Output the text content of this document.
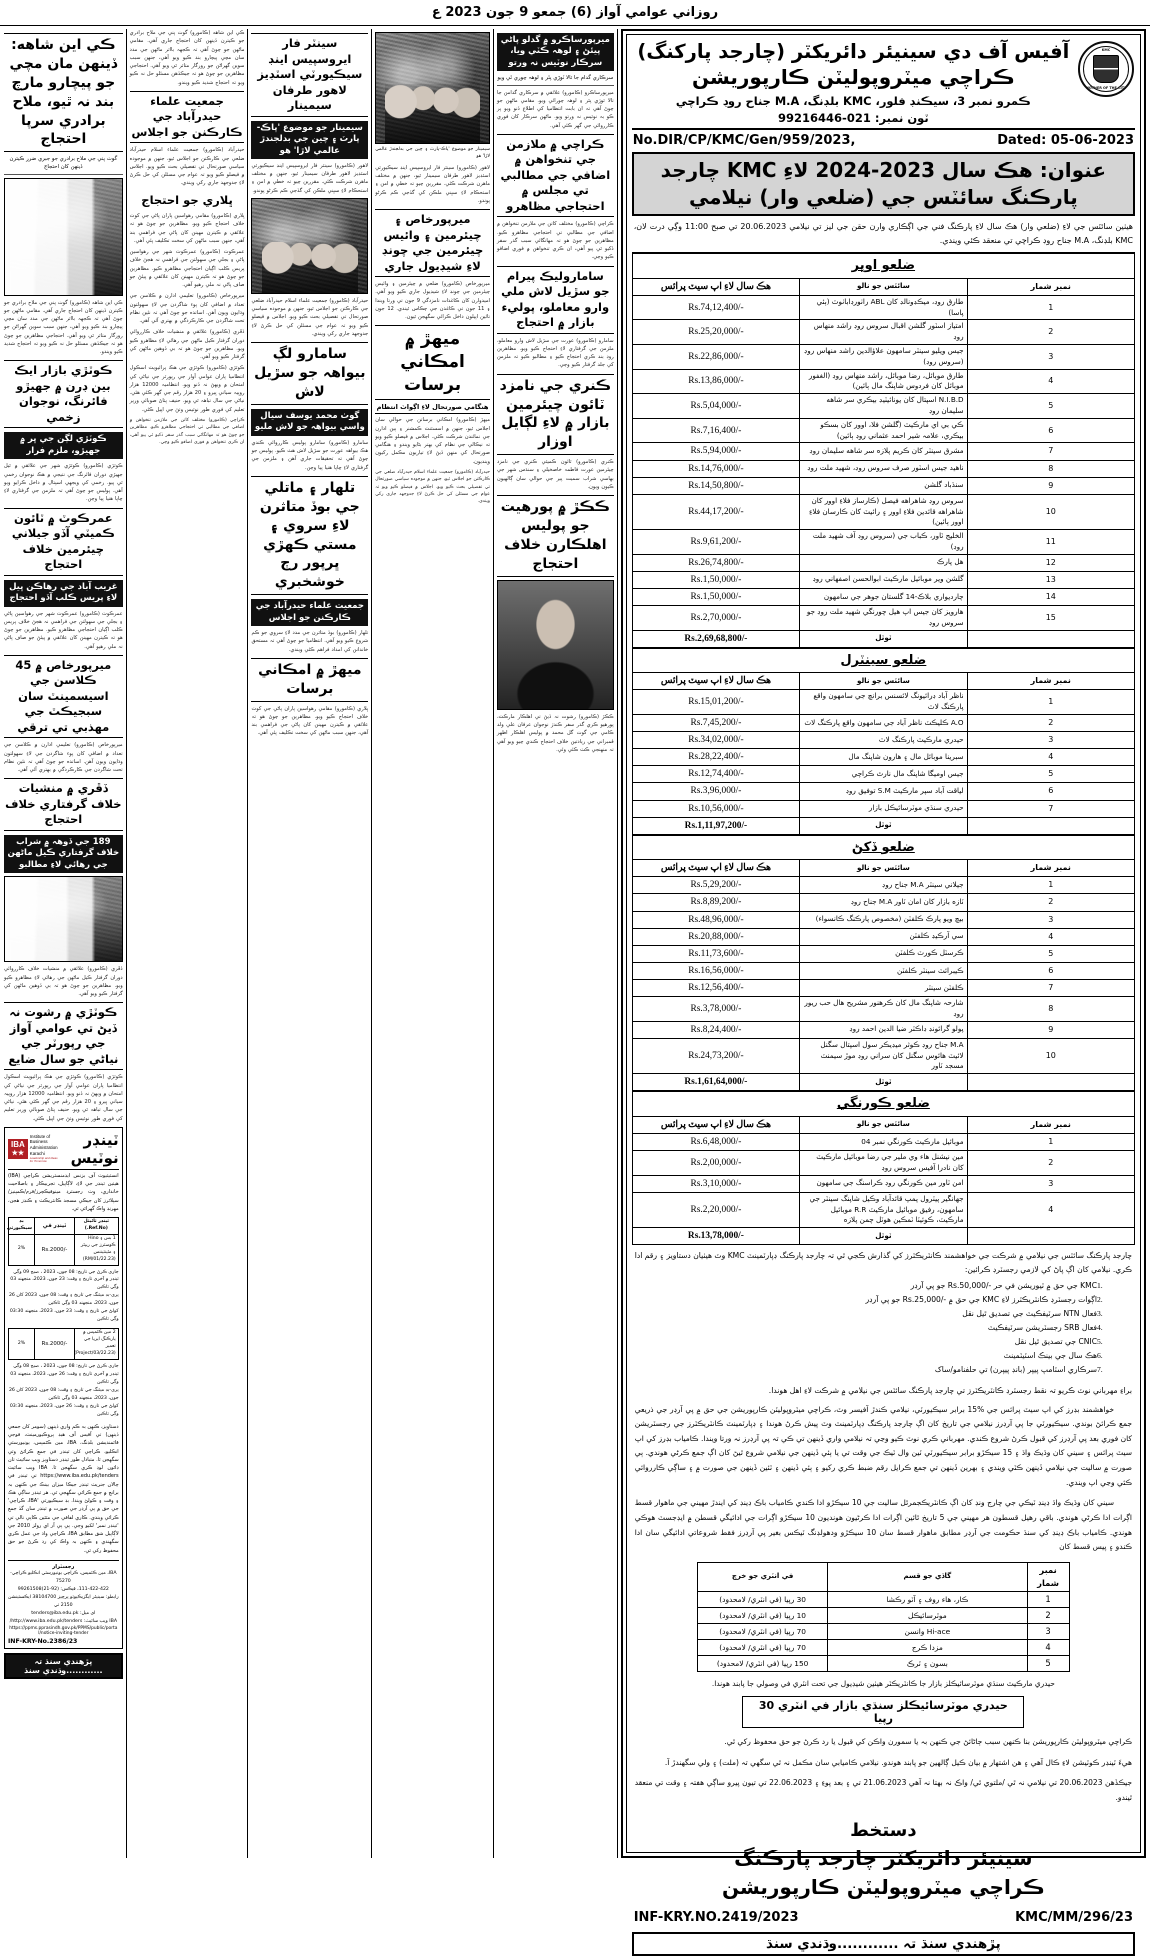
روزاني عوامي آواز (6) جمعو 9 جون 2023 ع
KMC
MOTHER OF THE CITY
آفيس آف دي سينيئر دائريکٽر (چارجد پارکنگ)
ڪراچي ميٽروپوليٽن ڪارپوريشن
ڪمرو نمبر 3، سيڪنڊ فلور، KMC بلڊنگ، M.A جناح روڊ ڪراچي
ٽون نمبر: 021-99216446
No.DIR/CP/KMC/Gen/959/2023,	Dated: 05-06-2023
عنوان: هڪ سال 2023-2024 لاءِ KMC چارجد
پارڪنگ سائٽس جي (ضلعي وار) نيلامي
هيٺين سائٽس جي لاءِ (ضلعي وار) هڪ سال لاءِ پارڪنگ فني جي اڳڪاري وارن حقن جي ليز تي نيلامي 20.06.2023 تي صبح 11:00 وڳي درت لان، KMC بلڊنگ، M.A جناح روڊ ڪراچي تي منعقد ڪئي ويندي.
ضلعو اوڀر		
نمبر شمار	سائٽس جو نالو	هڪ سال لاءِ اپ سيٽ پرائس
1	طارق روڊ، ميڪڊونالڊ کان ABL راٺورڊاباٺوٽ (ٻئي پاسا)	Rs.74,12,400/-
2	امتياز اسٽور گلشن اقبال سروس روڊ راشد منهاس روڊ	Rs.25,20,000/-
3	جيس ويليو سينٽر سامهون علاؤالدين راشد منهاس روڊ (سروس روڊ)	Rs.22,86,000/-
4	طارق موبائل، رضا موبائل، راشد منهاس روڊ (الغفور موبائل کان فردوس شاپنگ مال ٻائين)	Rs.13,86,000/-
5	N.I.B.D اسپتال کان يونائيٽيڊ بيڪري سر شاهه سليمان روڊ	Rs.5,04,000/-
6	ڪي بي اي مارڪيٽ (گلشن فلا، اوور کان بسڪو بيڪري، علامہ شير احمد عثماني روڊ ٻائين)	Rs.7,16,400/-
7	مشرق سينٽر کان ڪريم پلازه سر شاهه سليمان روڊ	Rs.5,94,000/-
8	ناهيد جيس اسٽور صرف سروس روڊ، شهيد ملت روڊ	Rs.14,76,000/-
9	سنڌباد گلشن	Rs.14,50,800/-
10	سروس روڊ شاهراهه فيصل (ڪارساز فلاءِ اوور کان شاهراهه قائدين فلاءِ اوور ۽ رائيٽ کان ڪارسان فلاءِ اوور ٻائين)	Rs.44,17,200/-
11	الخليج ٽاور، ڪباب جي (سروس روڊ آف شهيد ملت روڊ)	Rs.9,61,200/-
12	هل پارڪ	Rs.26,74,800/-
13	گلشن وير موبائيل مارڪيٽ ابوالحسن اصفهاني روڊ	Rs.1,50,000/-
14	چارديواري بلاڪ-14 گلستان جوهر جي سامهون	Rs.1,50,000/-
15	هارويز کان جيس اپ هيل چورنگي شهيد ملت روڊ جو سروس روڊ	Rs.2,70,000/-
	ٽوٽل	Rs.2,69,68,800/-
ضلعو سينٽرل		
نمبر شمار	سائٽس جو نالو	هڪ سال لاءِ اپ سيٽ پرائس
1	ناظر آباد ڊرائيونگ لائسنس برانچ جي سامهون واقع پارڪنگ لاٽ	Rs.15,01,200/-
2	A.O ڪليڪٽ ناظر آباد جي سامهون واقع پارڪنگ لاٽ	Rs.7,45,200/-
3	حيدري مارڪيٽ پارڪنگ لاٽ	Rs.34,02,000/-
4	سبرينا موبائل مال ۽ هارون شاپنگ مال	Rs.28,22,400/-
5	جيس اوميگا شاپنگ مال نارٿ ڪراچي	Rs.12,74,400/-
6	لياقت آباد سپر مارڪيٽ S.M توفيق روڊ	Rs.3,96,000/-
7	حيدري سنڌي موٽرسائيڪل بازار	Rs.10,56,000/-
	ٽوٽل	Rs.1,11,97,200/-
ضلعو ڏکڻ		
نمبر شمار	سائٽس جو نالو	هڪ سال لاءِ اپ سيٽ پرائس
1	جيلاني سينٽر M.A جناح روڊ	Rs.5,29,200/-
2	ٽازه بازار کان امان ٽاور M.A جناح روڊ	Rs.8,89,200/-
3	بيچ ويو پارڪ ڪلفٽن (مخصوص پارڪنگ ڪانسواء)	Rs.48,96,000/-
4	سي آرڪيڊ ڪلفٽن	Rs.20,88,000/-
5	ڪرسٽل ڪورٽ ڪلفٽن	Rs.11,73,600/-
6	ڪيبرائٽ سينٽر ڪلفٽن	Rs.16,56,000/-
7	ڪلفٽن سينٽر	Rs.12,56,400/-
8	شارحہ شاپنگ مال کان ڪرهنور مشريح هال حب ريور روڊ	Rs.3,78,000/-
9	پولو گرائونڊ ڊاڪٽر ضيا الدين احمد روڊ	Rs.8,24,400/-
10	M.A جناح روڊ ڪوثر ميڊيڪر سول اسپتال سگنل لائيٽ هائوس سگنل کان سراني روڊ موڙ سيمنٽ مسجد ٽاور	Rs.24,73,200/-
	ٽوٽل	Rs.1,61,64,000/-
ضلعو ڪورنگي		
نمبر شمار	سائٽس جو نالو	هڪ سال لاءِ اپ سيٽ پرائس
1	موبائيل مارڪيٽ ڪورنگي نمبر 04	Rs.6,48,000/-
2	مين نيشنل هاء وي ملير جي رضا موبائيل مارڪيٽ کان نادرا آفيس سروس روڊ	Rs.2,00,000/-
3	امن ٽاور مين ڪورنگي روڊ ڪراسنگ جي سامهون	Rs.3,10,000/-
4	جهانگير پيٽرول پمپ قائدآباد وڪيل شاپنگ سينٽر جي سامهون، رفيق موبائيل مارڪيٽ R.R موبائيل مارڪيٽ، ڪوئيٽا ٽمڪين هوٽل چمن پلازه	Rs.2,20,000/-
	ٽوٽل	Rs.13,78,000/-
چارجد پارڪنگ سائٽس جي نيلامي ۾ شرڪت جي خواهشمند ڪانٽريڪٽرز کي گذارش ڪجي ٿي تہ چارجد پارڪنگ ڊپارٽمينٽ KMC وٽ هيٺيان دستاويز ۽ رقم ادا ڪري. نيلامي کان اڳ پاڻ کي لازمي رجسٽرڊ ڪرائين:
1.KMC جي حق ۾ ٽيوريشن في حر -/Rs.50,000 جو پي آرڊر
2.اڳوات رجسٽرڊ ڪانٽريڪٽرز لاءِ KMC جي حق ۾ -/Rs.25,000 جو پي آرڊر
3.فعال NTN سرٽيفڪيٽ جي تصديق ٿيل نقل
4.فعال SRB رجسٽريشن سرٽيفڪيٽ
5.CNIC جي تصديق ٿيل نقل
6.هڪ سال جي بينڪ اسٽيٽمينٽ
7.سرڪاري اسٽامپ پيپر (بانڊ پيپرن) تي حلفنامو/ساک
براءِ مهرباني نوٽ ڪريو تہ نقط رجسٽرڊ ڪانٽريڪٽرز تي چارجد پارڪنگ سائٽس جي نيلامي ۾ شرڪت لاءِ اهل هوندا.
خواهشمند بڊرز کي اپ سيٽ پرائس جي %15 برابر سيڪيورٽي، نيلامي ڪندڙ آفيسر وٽ، ڪراچي ميٽروپوليٽن ڪارپوريشن جي حق ۾ پي آرڊر جي ذريعي جمع ڪرائڻ بوندي. سيڪيورٽي جا پي آرڊرز نيلامي جي تاريخ کان اڳ چارجد پارڪنگ ڊپارٽمينٽ وٽ پيش ڪرڻ هوندا ۽ ڊپارٽمينٽ ڪانٽريڪٽرز جي رجسٽريشن کان فوري بعد پي آرڊرز کي قبول ڪرڻ شروع ڪندي. مهرباني ڪري نوٽ ڪيو وڃي تہ نيلامي واري ڏينهن تي ڪي تہ پي آرڊرز نہ ورتا ويندا. ڪامياب بڊرز کي اپ سيٽ پرائس ۽ سيني کان وڌيڪ واڌ ۽ 15 سيڪڙو برابر سيڪيورٽي ٽين وال ٽيڪ جي وقت تي يا ٻئي ڏينهن جي نيلامي شروع ٿيڻ کان اڳ جمع ڪرڻي هوندي. ٻي صورت ۾ ساليت جي نيلامي ڏينهن ڪٽي ويندي ۽ بهرين ڏينهن تي جمع ڪرايل رقم ضبط ڪري رکيو ۽ ٻئي ڏينهن ۽ ٽئين ڏينهن جي صورت ۾ ۽ ساڳي ڪارروائي ڪئي وڃي اپ ويندي.
سيني کان وڌيڪ واڌ ڊينڊ ٽيڪي جي چارج ونڊ کان اڳ ڪانٽريڪجمرٿل ساليت جي 10 سيڪڙو ادا ڪندي ڪامياب باڪ ڊينڊ کي ايندڙ مهيني جي ماهوار قسط اڳرات ادا ڪرڻي هوندي. باقي رهيل قسطون هر مهيني جي 5 تاريخ ٿائين اڳرات ادا ڪرڻيون هونديون 10 سيڪڙو اڳرات جي ادائيگي قسطن ۾ ايڊجسٽ هوڪي هوندي. ڪامياب باڪ ڊينڊ کي سنڌ حڪومت جي آرڊر مطابق ماهوار قسط سان 10 سيڪڙو ودهولڊنگ ٽيڪس بغير پي آرڊرز فقط شروعاتي ادائيگي سان ادا ڪندو ۽ پيس قسط کان
نمبر شمار	گاڏي جو قسم	في انٽري جو خرچ
1	ڪار، هاء روف ۽ آٽو رڪشا	30 رپيا (في انٽري/ لامحدود)
2	موٽرسائيڪل	10 رپيا (في انٽري/ لامحدود)
3	Hi-ace وانسن	70 رپيا (في انٽري/ لامحدود)
4	مزدا ڪرج	70 رپيا (في انٽري/ لامحدود)
5	بسون ۽ ٽرڪ	150 رپيا (في انٽري/ لامحدود)
حيدري مارڪيٽ سنڌي موٽرسائيڪلز بازار جا ڪانٽريڪٽر هيٺين شيڊيول جي تحت انٽري في وصولي جا پابند هوندا.
حيدري موٽرسائيڪلز سنڌي بازار في انٽري 30 رپيا
ڪراچي ميٽروپوليٽن ڪارپوريشن بنا ڪنهن سبب ڄاڻائڻ جي ڪنهن بہ يا سمورن واڪن کي قبول يا رد ڪرڻ جو حق محفوظ رکي ٿي.
هيءَ ٽينڊر ڪوٽيشن لاءِ ڪال آهي ۽ هن اشتهار ۾ بيان ڪيل ڳالهين جو پابند هوندو. نيلامي ڪاميابي سان مڪمل نہ ٿي سگهي تہ (ملت) ۽ ولي سگهندڙ آ.
جيڪڏهن 20.06.2023 تي نيلامي نہ ٿي /ملتوي ٿي/ واڪ نہ بهتا نہ آهي 21.06.2023 تي ۽ بعد پوءِ ۽ 22.06.2023 تي تيون پيرو ساڳي هفتہ ۽ وقت تي منعقد ٿيندو.
دستخط
سينيئر دائريکٽر چارجد پارڪنگ
ڪراچي ميٽروپوليٽن ڪارپوريشن
INF-KRY.NO.2419/2023	KMC/MM/296/23
پڙهندي سنڌ تہ ............وڌندي سنڌ
ميرپورساڪرو ۾ گدلو پاڻي پيئڻ ۽ لوهہ ڪٽي ويا، سرڪار نوٽيس نہ ورتو
سرڪاري گدام جا تالا ٽوڙي پٿر ۽ لوهہ چوري ٿي ويو
ميرپورساڪرو (ڪامورو) علائقي ۾ سرڪاري گدامن جا تالا ٽوڙي پٿر ۽ لوهہ چورائي ويو. مقامي ماڻهن جو چوڻ آهي تہ ان بابت انتظاميا کي اطلاع ڏنو ويو پر ڪو بہ نوٽيس نہ ورتو ويو. ماڻهن سرڪار کان فوري ڪارروائي جي گهر ڪئي آهي.
ڪراچي ۾ ملازمن جي تنخواهن ۾ اضافي جي مطالبي تي مجلس ۾ احتجاجي مظاهرو
ڪراچي (ڪامورو) مختلف کاتن جي ملازمن تنخواهن ۾ اضافي جي مطالبي تي احتجاجي مظاهرو ڪيو. مظاهرين جو چوڻ هو تہ مهانگائي سبب گذر سفر ڏکيو ٿي پيو آهي، ان ڪري تنخواهن ۾ فوري اضافو ڪيو وڃي.
ساماروليڪ پيرام جو سڙيل لاش ملي وارو معاملو، پوليء بازار ۾ احتجاج
سامارو (ڪامورو) عورت جي سڙيل لاش وارو معاملو، ملزمن جي گرفتاري لاءِ احتجاج ڪيو ويو. مظاهرين روڊ بند ڪري احتجاج ڪيو ۽ مطالبو ڪيو تہ ملزمن کي جلد گرفتار ڪيو وڃي.
ڪنري جي نامزد ٽائون چيئرمين بازار ۾ لاءِ لڳايل اوزار
ڪنري (ڪامورو) ٽائون ڪميٽي ڪنري جي نامزد چيئرمين عورت فاطمہ خاصخيلي ۽ سنڌس شهر جي بهاسي شراب سميت پير جي حوالي سان ڳالهيون ڪيون ويون.
ڪڪڙ ۾ پورهيت جو پوليس اهلڪارن خلاف احتجاج
ڪڪڙ (ڪامورو) رشوت نہ ڏيڻ تي اهلڪار مارڪٽ، پورهيو ڪري گذر سفر ڪندڙ نوجوان عرفان علي ولد ڪامي جي گوٺ گل محمد ۾ پوليس اهلڪار اظهر قمبراني جي زيادتين خلاف احتجاج ڪندي چيو ويو آهي تہ منهنجي ڪٽ ڪئي وئي.
سيمينار جو موضوع 'پاڪ-پارٽ ۽ چين جي بدلجندڙ عالمي لاڙا' هو
لاهور (ڪامورو) سينٽر فار ايروسپيس اينڊ سيڪيورٽي اسٽڊيز لاهور طرفان سيمينار ٿيو، جنهن ۾ مختلف ماهرن شرڪت ڪئي. مقررين چيو تہ خطي ۾ امن ۽ استحڪام لاءِ سڀني ملڪن کي گڏجي ڪم ڪرڻو پوندو.
ميرپورخاص ۽ چيئرمين ۽ وائيس چيئرمين جي چونڊ لاءِ شيڊيول جاري
ميرپورخاص (ڪامورو) ضلعي ۾ چيئرمين ۽ وائيس چيئرمين جي چونڊ لاءِ شيڊيول جاري ڪيو ويو آهي. اميدوارن کان ڪاغذات نامزدگي 9 جون تي ورتا ويندا ۽ 11 جون تي ڪاغذن جي چڪاس ٿيندي. 12 جون تائين اپيلون داخل ڪرائي سگهجن ٿيون.
ميهڙ ۾ امڪاني برسات
هنگامي صورتحال لاءِ اڳواٽ انتظام
ميهڙ (ڪامورو) امڪاني برساتن جي حوالي سان اجلاس ٿيو، جنهن ۾ اسسٽنٽ ڪمشنر ۽ ٻين ادارن جي نمائندن شرڪت ڪئي. اجلاس ۾ فيصلو ڪيو ويو تہ نيڪالي جي نظام کي بهتر بڻايو ويندو ۽ هنگامي صورتحال کي منهن ڏيڻ لاءِ تياريون مڪمل رکيون وينديون.
حيدرآباد (ڪامورو) جمعيت علماء اسلام حيدرآباد ضلعي جي ڪارڪنن جو اجلاس ٿيو، جنهن ۾ موجوده سياسي صورتحال تي تفصيلي بحث ڪيو ويو. اجلاس ۾ فيصلو ڪيو ويو تہ عوام جي مسئلن کي حل ڪرڻ لاءِ جدوجهد جاري رکي ويندي.
سينٽر فار ايروسپيس اينڊ سيڪيورٽي اسٽڊيز لاهور طرفان سيمينار
سيمينار جو موضوع 'پاڪ-پارٽ ۽ چين جي بدلجندڙ عالمي لاڙا' هو
لاهور (ڪامورو) سينٽر فار ايروسپيس اينڊ سيڪيورٽي اسٽڊيز لاهور طرفان سيمينار ٿيو، جنهن ۾ مختلف ماهرن شرڪت ڪئي. مقررين چيو تہ خطي ۾ امن ۽ استحڪام لاءِ سڀني ملڪن کي گڏجي ڪم ڪرڻو پوندو.
حيدرآباد (ڪامورو) جمعيت علماء اسلام حيدرآباد ضلعي جي ڪارڪنن جو اجلاس ٿيو، جنهن ۾ موجوده سياسي صورتحال تي تفصيلي بحث ڪيو ويو. اجلاس ۾ فيصلو ڪيو ويو تہ عوام جي مسئلن کي حل ڪرڻ لاءِ جدوجهد جاري رکي ويندي.
سامارو لڳ بيواهہ جو سڙيل لاش
گوٺ محمد يوسف سيال واسي بيواهہ جو لاش مليو
سامارو (ڪامورو) سامارو پوليس ڪارروائي ڪندي هڪ بيواهہ عورت جو سڙيل لاش هٿ ڪيو. پوليس جو چوڻ آهي تہ تحقيقات جاري آهن ۽ ملزمن جي گرفتاري لاءِ ڇاپا هنيا پيا وڃن.
تلهار ۽ ماتلي جي بوڏ متاثرن لاءِ سروي ۽ مستي ڪهڙي ڀرپور رڄ خوشخبري
جمعيت علماء حيدرآباد جي ڪارڪنن جو اجلاس
تلهار (ڪامورو) بوڏ متاثرن جي مدد لاءِ سروي جو ڪم شروع ڪيو ويو آهي. انتظاميا جو چوڻ آهي تہ مستحق خاندانن کي امداد فراهم ڪئي ويندي.
ميهڙ ۾ امڪاني برسات
ڀلاري (ڪامورو) مقامي رهواسين پاران پاڻي جي کوٽ خلاف احتجاج ڪيو ويو. مظاهرين جو چوڻ هو تہ علائقي ۾ ڪيترن مهينن کان پاڻي جي فراهمي بند آهي، جنهن سبب ماڻهن کي سخت تڪليف پئي آهي.
ڪي اين شاهه (ڪامورو) گوٺ پني جي ملاح برادري جو ڪيترن ڏينهن کان احتجاج جاري آهي. مقامي ماڻهن جو چوڻ آهي تہ ڪجهہ بااثر ماڻهن جي مدد سان مچي پيچارو بند ڪيو ويو آهي، جنهن سبب سوين گهراڻن جو روزگار متاثر ٿي ويو آهي. احتجاجي مظاهرين جو چوڻ هو تہ جيڪڏهن مسئلو حل نہ ڪيو ويو تہ احتجاج شديد ڪيو ويندو.
جمعيت علماء حيدرآباد جي ڪارڪنن جو اجلاس
حيدرآباد (ڪامورو) جمعيت علماء اسلام حيدرآباد ضلعي جي ڪارڪنن جو اجلاس ٿيو، جنهن ۾ موجوده سياسي صورتحال تي تفصيلي بحث ڪيو ويو. اجلاس ۾ فيصلو ڪيو ويو تہ عوام جي مسئلن کي حل ڪرڻ لاءِ جدوجهد جاري رکي ويندي.
ڀلاري جو احتجاج
ڀلاري (ڪامورو) مقامي رهواسين پاران پاڻي جي کوٽ خلاف احتجاج ڪيو ويو. مظاهرين جو چوڻ هو تہ علائقي ۾ ڪيترن مهينن کان پاڻي جي فراهمي بند آهي، جنهن سبب ماڻهن کي سخت تڪليف پئي آهي.
عمرڪوٽ (ڪامورو) عمرڪوٽ شهر جي رهواسين پاڻي ۽ بجلي جي سهولتن جي فراهمي نہ هجڻ خلاف پريس ڪلب اڳيان احتجاجي مظاهرو ڪيو. مظاهرين جو چوڻ هو تہ ڪيترن مهينن کان علائقي ۾ پيئڻ جو صاف پاڻي نہ ملي رهيو آهي.
ميرپورخاص (ڪامورو) تعليمي ادارن ۾ ڪلاسن جي تعداد ۾ اضافي کان پوء شاگردن جي لاءِ سهولتون وڌايون ويون آهن. اساتذه جو چوڻ آهي تہ نئين نظام تحت شاگردن جي ڪارڪردگي ۾ بهتري آئي آهي.
ڏڦري (ڪامورو) علائقي ۾ منشيات خلاف ڪارروائي دوران گرفتار ڪيل ماڻهن جي رهائي لاءِ مظاهرو ڪيو ويو. مظاهرين جو چوڻ هو تہ بي ڏوهين ماڻهن کي گرفتار ڪيو ويو آهي.
ڪوٽڙي (ڪامورو) ڪوٽڙي جي هڪ پرائيويٽ اسڪول انتظاميا پاران عوامي آواز جي رپورٽر جي نياڻي کي امتحان ۾ ويهڻ نہ ڏنو ويو. انتظاميہ 12000 هزار روپيہ سياني ڀيرو ۽ 20 هزار رقم جي گهر ڪئي هئي. نياڻي جي سال تباهہ ٿي ويو. حنيف پٺاڻ صوبائي وزير تعليم کي فوري طور نوٽيس وٺڻ جي اپيل ڪئي.
ڪراچي (ڪامورو) مختلف کاتن جي ملازمن تنخواهن ۾ اضافي جي مطالبي تي احتجاجي مظاهرو ڪيو. مظاهرين جو چوڻ هو تہ مهانگائي سبب گذر سفر ڏکيو ٿي پيو آهي، ان ڪري تنخواهن ۾ فوري اضافو ڪيو وڃي.
ڪي اين شاهه: ڏينهن مان مچي جو پيچارو مارچ بند نہ ٿيو، ملاح برادري سرپا احتجاج
گوٺ پني جي ملاح برادري جو جبري ضرر ڪيترن ڏينهن کان احتجاج
ڪي اين شاهه (ڪامورو) گوٺ پني جي ملاح برادري جو ڪيترن ڏينهن کان احتجاج جاري آهي. مقامي ماڻهن جو چوڻ آهي تہ ڪجهہ بااثر ماڻهن جي مدد سان مچي پيچارو بند ڪيو ويو آهي، جنهن سبب سوين گهراڻن جو روزگار متاثر ٿي ويو آهي. احتجاجي مظاهرين جو چوڻ هو تہ جيڪڏهن مسئلو حل نہ ڪيو ويو تہ احتجاج شديد ڪيو ويندو.
ڪوٽڙي بازار ايڪ بين ڊرن ۾ جهيڙو فائرنگ، نوجوان زخمي
ڪوٽڙي لڳن جي ڀر ۾ جهيڙو، ملزم فرار
ڪوٽڙي (ڪامورو) ڪوٽڙي شهر جي علائقي ۾ ٿيل جهيڙي دوران فائرنگ جي نتيجي ۾ هڪ نوجوان زخمي ٿي پيو. زخمي کي ويجهي اسپتال ۾ داخل ڪرايو ويو آهي. پوليس جو چوڻ آهي تہ ملزمن جي گرفتاري لاءِ ڇاپا هنيا پيا وڃن.
عمرڪوٽ ۾ ٽائون ڪميٽي آڏو جيلاني چيئرمين خلاف احتجاج
غريب آباد جي رهاڪن ڀيل لاءِ پريس ڪلب آڏو احتجاج
عمرڪوٽ (ڪامورو) عمرڪوٽ شهر جي رهواسين پاڻي ۽ بجلي جي سهولتن جي فراهمي نہ هجڻ خلاف پريس ڪلب اڳيان احتجاجي مظاهرو ڪيو. مظاهرين جو چوڻ هو تہ ڪيترن مهينن کان علائقي ۾ پيئڻ جو صاف پاڻي نہ ملي رهيو آهي.
ميرپورخاص ۾ 45 ڪلاسن جي اسيسمينٽ سان سبجيڪٽ جي مهذبي تي ترقي
ميرپورخاص (ڪامورو) تعليمي ادارن ۾ ڪلاسن جي تعداد ۾ اضافي کان پوء شاگردن جي لاءِ سهولتون وڌايون ويون آهن. اساتذه جو چوڻ آهي تہ نئين نظام تحت شاگردن جي ڪارڪردگي ۾ بهتري آئي آهي.
ڏڦري ۾ منشيات خلاف گرفتاري خلاف احتجاج
189 جي ڏوهہ ۾ شراب خلاف گرفتاري ڪيل ماڻهن جي رهائي لاءِ مطالبو
ڏڦري (ڪامورو) علائقي ۾ منشيات خلاف ڪارروائي دوران گرفتار ڪيل ماڻهن جي رهائي لاءِ مظاهرو ڪيو ويو. مظاهرين جو چوڻ هو تہ بي ڏوهين ماڻهن کي گرفتار ڪيو ويو آهي.
ڪوٽڙي ۾ رشوت نہ ڏيڻ تي عوامي آواز جي رپورٽر جي نياڻي جو سال ضايع
ڪوٽڙي (ڪامورو) ڪوٽڙي جي هڪ پرائيويٽ اسڪول انتظاميا پاران عوامي آواز جي رپورٽر جي نياڻي کي امتحان ۾ ويهڻ نہ ڏنو ويو. انتظاميہ 12000 هزار روپيہ سياني ڀيرو ۽ 20 هزار رقم جي گهر ڪئي هئي. نياڻي جي سال تباهہ ٿي ويو. حنيف پٺاڻ صوبائي وزير تعليم کي فوري طور نوٽيس وٺڻ جي اپيل ڪئي.
ٽينڊر نوٽيس
IBA
★★
Institute of
Business Administration
Karachi
Leadership and Ideas for Tomorrow
انسٽيٽيوٽ آف بزنس ايڊمنسٽريشن ڪراچي (IBA) هيٺين ٽينڊر جي لاءِ، لاڳاپيل، تجربيڪار ۽ باصلاحيت خانداري، وٽ رجسٽرڊ مينوفيڪچرز/فرم/ڪمپنيز/سپلائرز کان جيڪي مسجد ڪانٽريڪٽ ۽ ڪنڊز هجن، مهرنڊ واڪ گهرائي ٿي.
ٽينڊر ٽائيٽل (Ref.No.)	ٽينڊر في	بڊ سيڪيورٽي
1 بس ۽ Hino ڪوسٽرز جي ريپئر ۽ مئينٽيننس (RM/01/22.23)	Rs.2000/-	2%
جاري ڪرڻ جي تاريخ: 08 جون، 2023 ، صبح 09 وڳي
ٽينڊر ۾ آخري تاريخ ۽ وقت: 23 جون، 2023، منجهند 03 وڳي ٽاڪين
پري-بڊ ميٽنگ جي تاريخ ۽ وقت: 08 جون، 2023 کان 26 جون، 2023، منجهند 03 وڳي ٽاڪين
کولڻ جي تاريخ ۽ وقت: 23 جون، 2023، منجهند 03:30 وڳي ٽاڪين
2 مين ڪئمپس ۾ پارڪنگ ايريا جي تعمير (Project/03/22.23)	Rs.2000/-	2%
جاري ڪرڻ جي تاريخ: 08 جون، 2023 ، صبح 08 وڳي
ٽينڊر ۾ آخري تاريخ ۽ وقت: 26 جون، 2023، منجهند 03 وڳي ٽاڪين
پري-بڊ ميٽنگ جي تاريخ ۽ وقت: 08 جون، 2023 کان 26 جون، 2023، منجهند 03 وڳي ٽاڪين
کولڻ جي تاريخ ۽ وقت: 26 جون، 2023، منجهند 03:30 وڳي ٽاڪين
دستاويز، ڪنهن بہ ڪم واري ڏينهن (سومر کان جمعي ڏينهن) تي آفيس آف هيڊ پروڪيورمينٽ، فوجي قائمنديشن بلڊنگ، IBA، مين ڪئمپس، يونيورسٽي انڪليو، ڪراچي کان ٽينڊر في جمع ڪرائڻ وٽي سگهجن ٿا. متبادل طور ٽينڊر دستاويز ويب سائيٽ تان ڊائون لوڊ ڪري سگهجن ٿا. IBA ويب سائيٽ https://www.iba.edu.pk/tenders تي ٽينڊر في چالان جنريٽ ٽينڊر جيڪا ميزان بينڪ جي ڪنهن بہ برانچ ۾ جمع ڪرائي سگهجي ٿي. هر ٽينڊر ساڳي هڪ ۽ وقت ۽ ڪولڻ ويندا. بڊ سيڪيورٽي 'IBA، ڪراچي' جي حق ۾ پي آرڊر جي صورت ۾ ٽينڊر سان گڏ جمع ڪرائي ويندي. ڪاري لفافي جي مٿئين ڪاپي نالي تي 'ٽينڊر نمبر' لکيو وڃي. پي پي آر اي رولز 2010 جي لاڳاپيل شق مطابق IBA، ڪراچي واڌ جي عمل ڪري سگهندي ۽ ڪنهن بہ واڪ کي رد ڪرڻ جو حق محفوظ رکي ٿي.
رجسٽرار
IBA، مين ڪئمپس، ڪراچي يونيورسٽي انڪليو ڪراچي- 75270
111-422-422، فيڪس: (92-21)99261508
رابطو: سينيئر ايگزيڪيوٽو پرچيز 38104700 ايڪسٽينشن 2150 تي
اي ميل: tenders@iba.edu.pk
IBA ويب سائيٽ: http://www.iba.edu.pk/tenders/
https://ppms.pprasindh.gov.pk/PPMS/public/portal/notice-inviting-tender
INF-KRY-No.2386/23
پڙهندي سنڌ تہ ............وڌندي سنڌ
